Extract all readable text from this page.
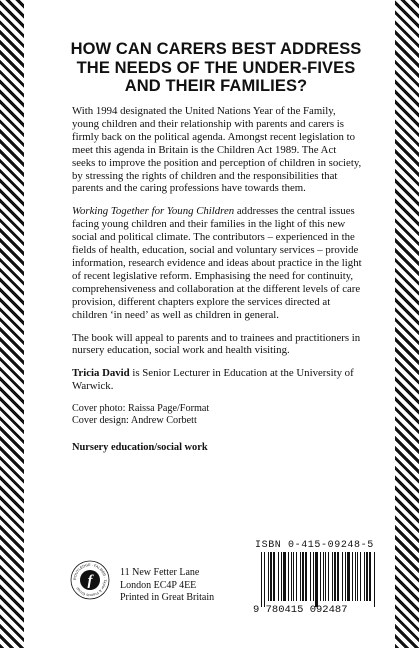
HOW CAN CARERS BEST ADDRESS
THE NEEDS OF THE UNDER-FIVES
AND THEIR FAMILIES?

With 1994 designated the United Nations Year of the Family, young children and their relationship with parents and carers is firmly back on the political agenda. Amongst recent legislation to meet this agenda in Britain is the Children Act 1989. The Act seeks to improve the position and perception of children in society, by stressing the rights of children and the responsibilities that parents and the caring professions have towards them.

Working Together for Young Children addresses the central issues facing young children and their families in the light of this new social and political climate. The contributors – experienced in the fields of health, education, social and voluntary services – provide information, research evidence and ideas about practice in the light of recent legislative reform. Emphasising the need for continuity, comprehensiveness and collaboration at the different levels of care provision, different chapters explore the services directed at children ‘in need’ as well as children in general.

The book will appeal to parents and to trainees and practitioners in nursery education, social work and health visiting.

Tricia David is Senior Lecturer in Education at the University of Warwick.

Cover photo: Raissa Page/Format

Cover design: Andrew Corbett

Nursery education/social work

ROUTLEDGE · FALMER · Taylor & Francis Group f
11 New Fetter Lane
London EC4P 4EE
Printed in Great Britain
ISBN 0-415-09248-5
9 780415 092487
